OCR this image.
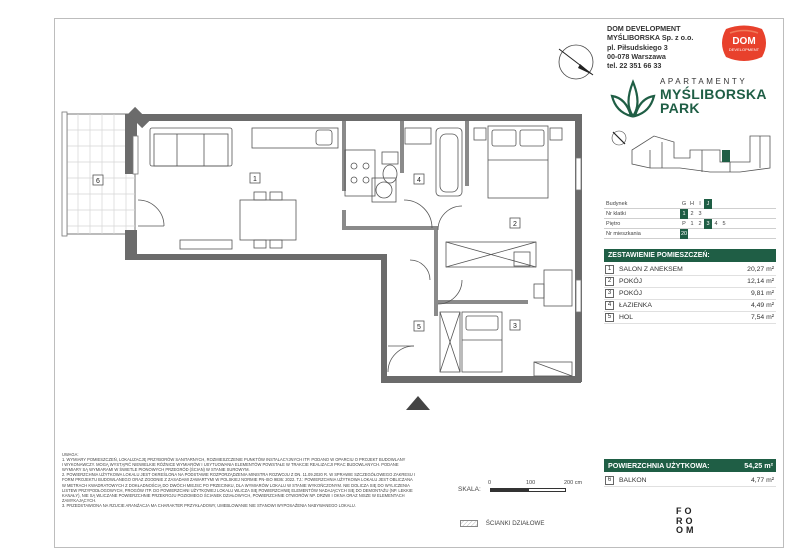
1
2
3
4
5
6
DOM DEVELOPMENT
MYŚLIBORSKA Sp. z o.o.
pl. Piłsudskiego 3
00-078 Warszawa
tel. 22 351 66 33
DOM
DEVELOPMENT
APARTAMENTY
MYŚLIBORSKA
PARK
Budynek	G H I	J
Nr klatki	1 2 3
Piętro	P 1 2 3 4 5
Nr mieszkania	20
ZESTAWIENIE POMIESZCZEŃ:
1	SALON Z ANEKSEM	20,27 m²
2	POKÓJ	12,14 m²
3	POKÓJ	9,81 m²
4	ŁAZIENKA	4,49 m²
5	HOL	7,54 m²
POWIERZCHNIA UŻYTKOWA:	54,25 m²
6	BALKON	4,77 m²
UWAGA:
1. WYMIARY POMIESZCZEŃ, LOKALIZACJĘ PRZYBORÓW SANITARNYCH, ROZMIESZCZENIE PUNKTÓW INSTALACYJNYCH ITP. PODANO W OPARCIU O PROJEKT BUDOWLANY
I WYKONAWCZY. MOGĄ WYSTĄPIĆ NIEWIELKIE RÓŻNICE WYMIARÓW I USYTUOWANIA ELEMENTÓW POWSTAŁE W TRAKCIE REALIZACJI PRAC BUDOWLANYCH. PODANE
WYMIARY SĄ WYMIARAMI W ŚWIETLE PIONOWYCH PRZEGRÓD (ŚCIAN) W STANIE SUROWYM.
2. POWIERZCHNIA UŻYTKOWA LOKALU JEST OKREŚLONA NA PODSTAWIE ROZPORZĄDZENIA MINISTRA ROZWOJU Z DN. 11.09.2020 R. W SPRAWIE SZCZEGÓŁOWEGO ZAKRESU I
FORM PROJEKTU BUDOWLANEGO ORAZ ZGODNIE Z ZASADAMI ZAWARTYMI W POLSKIEJ NORMIE PN-ISO 9836: 2022. TJ.: POWIERZCHNIA UŻYTKOWA LOKALU JEST OBLICZANA
W METRACH KWADRATOWYCH Z DOKŁADNOŚCIĄ DO DWÓCH MIEJSC PO PRZECINKU, DLA WYMIARÓW LOKALU W STANIE WYKOŃCZONYM. NIE DOLICZA SIĘ DO WYLICZENIA
LISTEW PRZYPODŁOGOWYCH, PROGÓW ITP. DO POWIERZCHNI UŻYTKOWEJ LOKALU WLICZA SIĘ POWIERZCHNIĘ ELEMENTÓW NADAJĄCYCH SIĘ DO DEMONTAŻU (NP. LEKKIE
KANAŁY), NIE SĄ WLICZANE POWIERZCHNIE PRZEKROJU POZIOMEGO ŚCIANEK DZIAŁOWYCH, POWIERZCHNIE OTWORÓW NP. DRZWI I OKNA ORAZ NISZE W ELEMENTACH
ZAMYKAJĄCYCH.
3. PRZEDSTAWIONA NA RZUCIE ARANŻACJA MA CHARAKTER PRZYKŁADOWY, UMEBLOWANIE NIE STANOWI WYPOSAŻENIA NABYWANEGO LOKALU.
SKALA:
0	100	200 cm
ŚCIANKI DZIAŁOWE
FO
RO
OM
